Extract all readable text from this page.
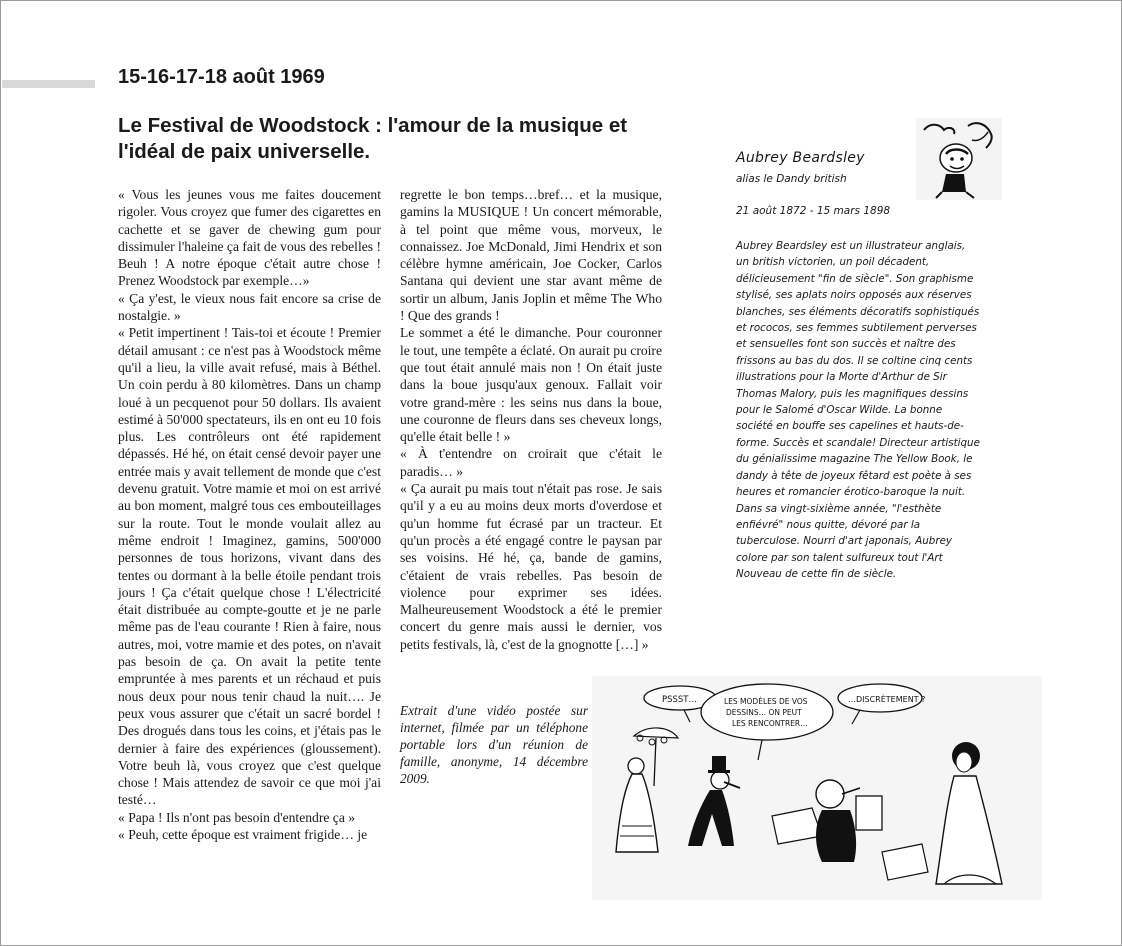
15-16-17-18 août 1969
Le Festival de Woodstock : l'amour de la musique et l'idéal de paix universelle.

« Vous les jeunes vous me faites doucement rigoler. Vous croyez que fumer des cigarettes en cachette et se gaver de chewing gum pour dissimuler l'haleine ça fait de vous des rebelles ! Beuh ! A notre époque c'était autre chose ! Prenez Woodstock par exemple…»

« Ça y'est, le vieux nous fait encore sa crise de nostalgie. »

« Petit impertinent ! Tais-toi et écoute ! Premier détail amusant : ce n'est pas à Woodstock même qu'il a lieu, la ville avait refusé, mais à Béthel. Un coin perdu à 80 kilomètres. Dans un champ loué à un pecquenot pour 50 dollars. Ils avaient estimé à 50'000 spectateurs, ils en ont eu 10 fois plus. Les contrôleurs ont été rapidement dépassés. Hé hé, on était censé devoir payer une entrée mais y avait tellement de monde que c'est devenu gratuit. Votre mamie et moi on est arrivé au bon moment, malgré tous ces embouteillages sur la route. Tout le monde voulait allez au même endroit ! Imaginez, gamins, 500'000 personnes de tous horizons, vivant dans des tentes ou dormant à la belle étoile pendant trois jours ! Ça c'était quelque chose ! L'électricité était distribuée au compte-goutte et je ne parle même pas de l'eau courante ! Rien à faire, nous autres, moi, votre mamie et des potes, on n'avait pas besoin de ça. On avait la petite tente empruntée à mes parents et un réchaud et puis nous deux pour nous tenir chaud la nuit…. Je peux vous assurer que c'était un sacré bordel ! Des drogués dans tous les coins, et j'étais pas le dernier à faire des expériences (gloussement). Votre beuh là, vous croyez que c'est quelque chose ! Mais attendez de savoir ce que moi j'ai testé…

« Papa ! Ils n'ont pas besoin d'entendre ça »

« Peuh, cette époque est vraiment frigide… je

regrette le bon temps…bref… et la musique, gamins la MUSIQUE ! Un concert mémorable, à tel point que même vous, morveux, le connaissez. Joe McDonald, Jimi Hendrix et son célèbre hymne américain, Joe Cocker, Carlos Santana qui devient une star avant même de sortir un album, Janis Joplin et même The Who ! Que des grands !

Le sommet a été le dimanche. Pour couronner le tout, une tempête a éclaté. On aurait pu croire que tout était annulé mais non ! On était juste dans la boue jusqu'aux genoux. Fallait voir votre grand-mère : les seins nus dans la boue, une couronne de fleurs dans ses cheveux longs, qu'elle était belle ! »

« À t'entendre on croirait que c'était le paradis… »

« Ça aurait pu mais tout n'était pas rose. Je sais qu'il y a eu au moins deux morts d'overdose et qu'un homme fut écrasé par un tracteur. Et qu'un procès a été engagé contre le paysan par ses voisins. Hé hé, ça, bande de gamins, c'étaient de vrais rebelles. Pas besoin de violence pour exprimer ses idées. Malheureusement Woodstock a été le premier concert du genre mais aussi le dernier, vos petits festivals, là, c'est de la gnognotte […] »

Extrait d'une vidéo postée sur internet, filmée par un téléphone portable lors d'un réunion de famille, anonyme, 14 décembre 2009.
Aubrey Beardsley
alias le Dandy british
21 août 1872 - 15 mars 1898
Aubrey Beardsley est un illustrateur anglais, un british victorien, un poil décadent, délicieusement "fin de siècle". Son graphisme stylisé, ses aplats noirs opposés aux réserves blanches, ses éléments décoratifs sophistiqués et rococos, ses femmes subtilement perverses et sensuelles font son succès et naître des frissons au bas du dos. Il se coltine cinq cents illustrations pour la Morte d'Arthur de Sir Thomas Malory, puis les magnifiques dessins pour le Salomé d'Oscar Wilde. La bonne société en bouffe ses capelines et hauts-de-forme. Succès et scandale! Directeur artistique du génialissime magazine The Yellow Book, le dandy à tête de joyeux fêtard est poète à ses heures et romancier érotico-baroque la nuit. Dans sa vingt-sixième année, "l'esthète enfiévré" nous quitte, dévoré par la tuberculose. Nourri d'art japonais, Aubrey colore par son talent sulfureux tout l'Art Nouveau de cette fin de siècle.
PSSST…	LES MODÈLES DE VOS
DESSINS… ON PEUT
LES RENCONTRER…
…DISCRÈTEMENT ?
